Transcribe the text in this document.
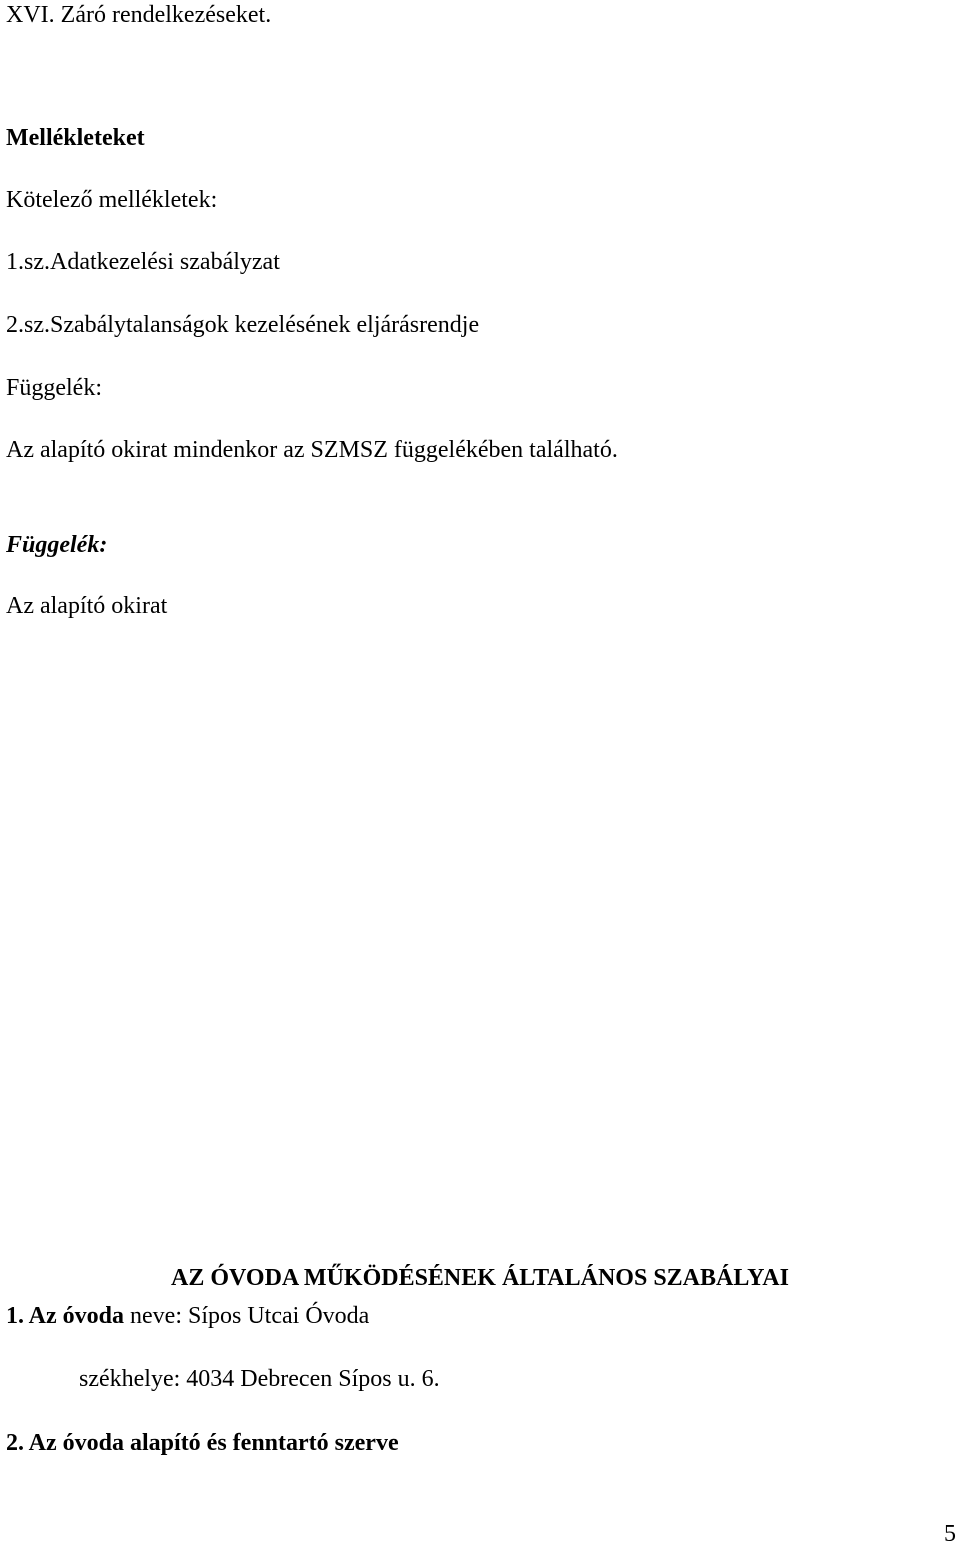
XVI. Záró rendelkezéseket.

Mellékleteket

Kötelező mellékletek:

1.sz.Adatkezelési szabályzat

2.sz.Szabálytalanságok kezelésének eljárásrendje

Függelék:

Az alapító okirat mindenkor az SZMSZ függelékében található.

Függelék:

Az alapító okirat

AZ ÓVODA MŰKÖDÉSÉNEK ÁLTALÁNOS SZABÁLYAI

1. Az óvoda neve: Sípos Utcai Óvoda

székhelye: 4034 Debrecen Sípos u. 6.

2. Az óvoda alapító és fenntartó szerve

5
